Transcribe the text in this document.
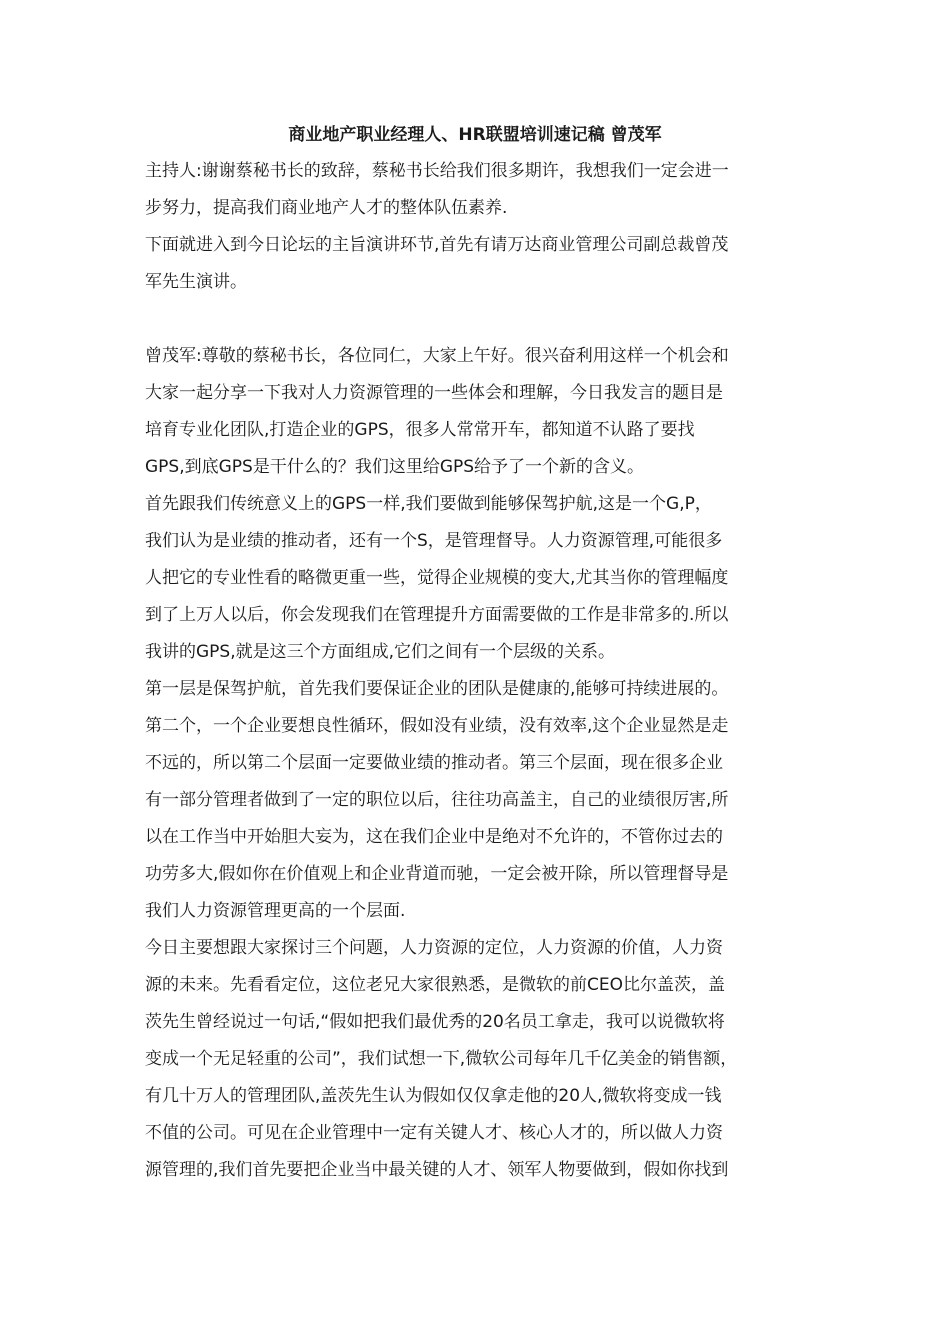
商业地产职业经理人、HR联盟培训速记稿 曾茂军
主持人:谢谢蔡秘书长的致辞，蔡秘书长给我们很多期许，我想我们一定会进一
步努力，提高我们商业地产人才的整体队伍素养.
下面就进入到今日论坛的主旨演讲环节,首先有请万达商业管理公司副总裁曾茂
军先生演讲。
曾茂军:尊敬的蔡秘书长，各位同仁，大家上午好。很兴奋利用这样一个机会和
大家一起分享一下我对人力资源管理的一些体会和理解，今日我发言的题目是
培育专业化团队,打造企业的GPS，很多人常常开车，都知道不认路了要找
GPS,到底GPS是干什么的？我们这里给GPS给予了一个新的含义。
首先跟我们传统意义上的GPS一样,我们要做到能够保驾护航,这是一个G,P，
我们认为是业绩的推动者，还有一个S，是管理督导。人力资源管理,可能很多
人把它的专业性看的略微更重一些，觉得企业规模的变大,尤其当你的管理幅度
到了上万人以后，你会发现我们在管理提升方面需要做的工作是非常多的.所以
我讲的GPS,就是这三个方面组成,它们之间有一个层级的关系。
第一层是保驾护航，首先我们要保证企业的团队是健康的,能够可持续进展的。
第二个，一个企业要想良性循环，假如没有业绩，没有效率,这个企业显然是走
不远的，所以第二个层面一定要做业绩的推动者。第三个层面，现在很多企业
有一部分管理者做到了一定的职位以后，往往功高盖主，自己的业绩很厉害,所
以在工作当中开始胆大妄为，这在我们企业中是绝对不允许的，不管你过去的
功劳多大,假如你在价值观上和企业背道而驰，一定会被开除，所以管理督导是
我们人力资源管理更高的一个层面.
今日主要想跟大家探讨三个问题，人力资源的定位，人力资源的价值，人力资
源的未来。先看看定位，这位老兄大家很熟悉，是微软的前CEO比尔盖茨，盖
茨先生曾经说过一句话,“假如把我们最优秀的20名员工拿走，我可以说微软将
变成一个无足轻重的公司”，我们试想一下,微软公司每年几千亿美金的销售额，
有几十万人的管理团队,盖茨先生认为假如仅仅拿走他的20人,微软将变成一钱
不值的公司。可见在企业管理中一定有关键人才、核心人才的，所以做人力资
源管理的,我们首先要把企业当中最关键的人才、领军人物要做到，假如你找到
